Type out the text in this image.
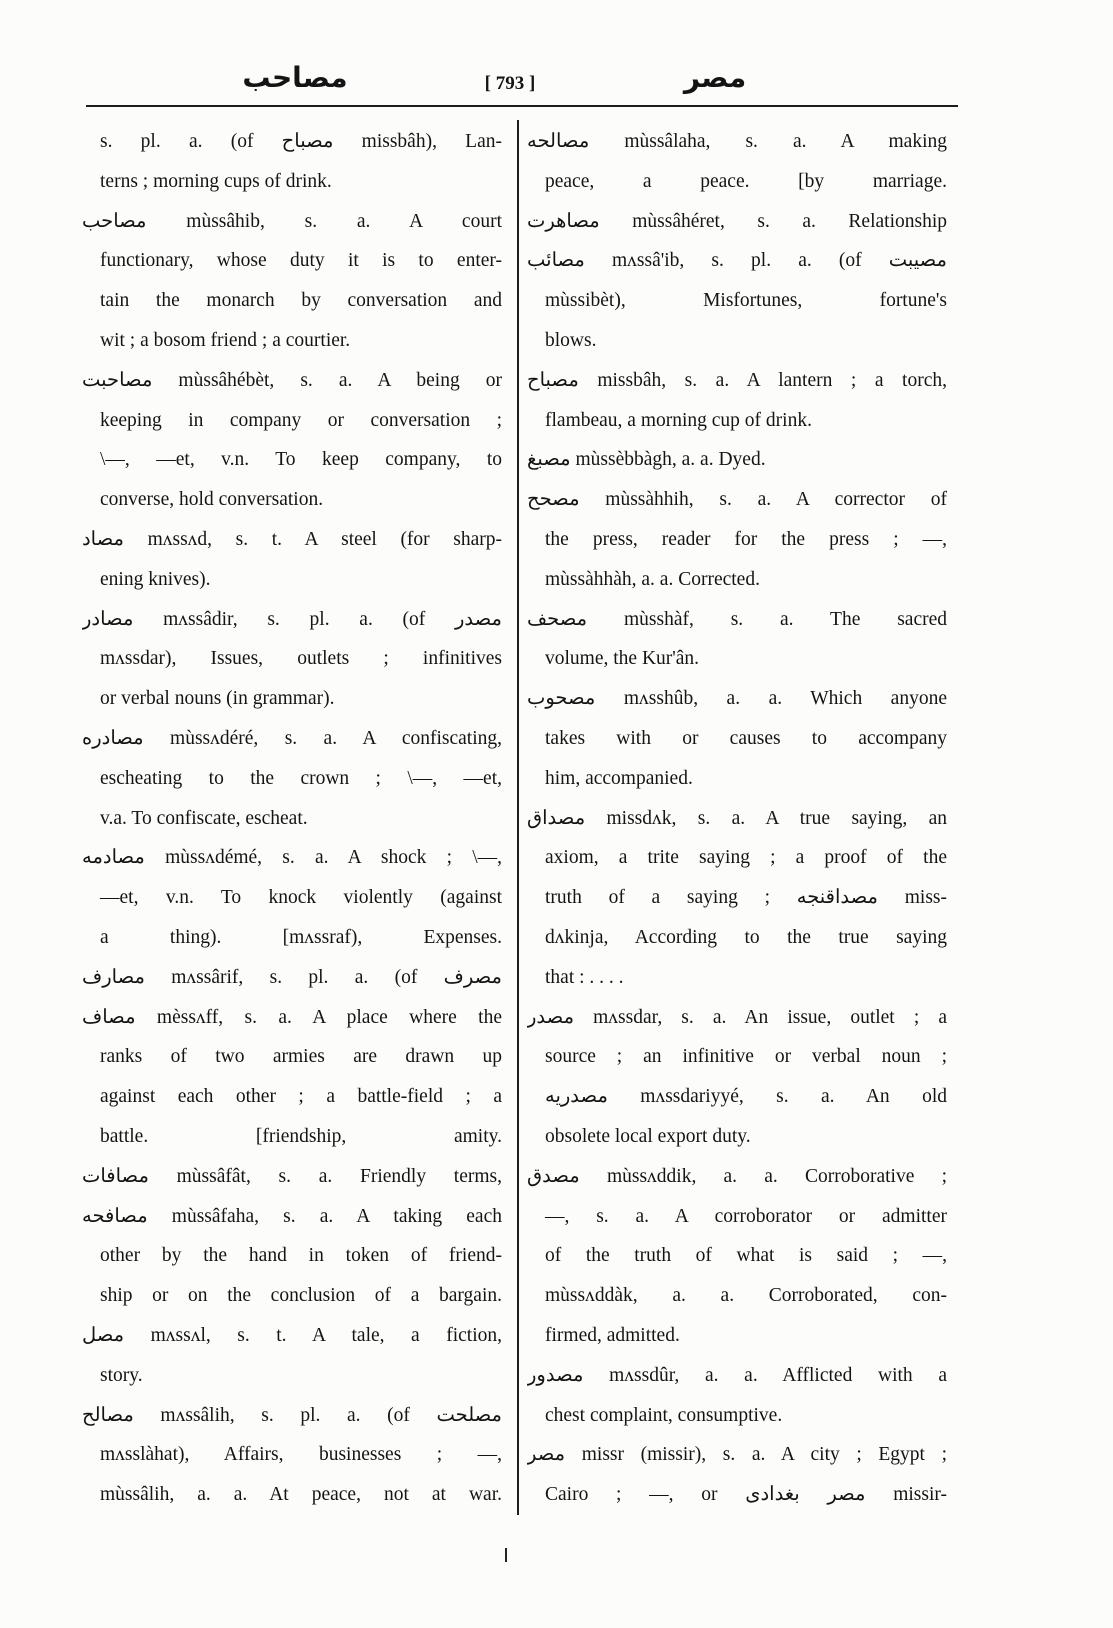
مصاحب	[ 793 ]	مصر
s. pl. a. (of مصباح missbâh), Lan-
terns ; morning cups of drink.
مصاحب mùssâhib, s. a. A court
functionary, whose duty it is to enter-
tain the monarch by conversation and
wit ; a bosom friend ; a courtier.
مصاحبت mùssâhébèt, s. a. A being or
keeping in company or conversation ;
\—, —et, v.n. To keep company, to
converse, hold conversation.
مصاد mʌssʌd, s. t. A steel (for sharp-
ening knives).
مصادر mʌssâdir, s. pl. a. (of مصدر
mʌssdar), Issues, outlets ; infinitives
or verbal nouns (in grammar).
مصادره mùssʌdéré, s. a. A confiscating,
escheating to the crown ; \—, —et,
v.a. To confiscate, escheat.
مصادمه mùssʌdémé, s. a. A shock ; \—,
—et, v.n. To knock violently (against
a thing). [mʌssraf), Expenses.
مصارف mʌssârif, s. pl. a. (of مصرف
مصاف mèssʌff, s. a. A place where the
ranks of two armies are drawn up
against each other ; a battle-field ; a
battle. [friendship, amity.
مصافات mùssâfât, s. a. Friendly terms,
مصافحه mùssâfaha, s. a. A taking each
other by the hand in token of friend-
ship or on the conclusion of a bargain.
مصل mʌssʌl, s. t. A tale, a fiction,
story.
مصالح mʌssâlih, s. pl. a. (of مصلحت
mʌsslàhat), Affairs, businesses ; —,
mùssâlih, a. a. At peace, not at war.
مصالحه mùssâlaha, s. a. A making
peace, a peace. [by marriage.
مصاهرت mùssâhéret, s. a. Relationship
مصائب mʌssâ'ib, s. pl. a. (of مصيبت
mùssibèt), Misfortunes, fortune's
blows.
مصباح missbâh, s. a. A lantern ; a torch,
flambeau, a morning cup of drink.
مصبغ mùssèbbàgh, a. a. Dyed.
مصحح mùssàhhih, s. a. A corrector of
the press, reader for the press ; —,
mùssàhhàh, a. a. Corrected.
مصحف mùsshàf, s. a. The sacred
volume, the Kur'ân.
مصحوب mʌsshûb, a. a. Which anyone
takes with or causes to accompany
him, accompanied.
مصداق missdʌk, s. a. A true saying, an
axiom, a trite saying ; a proof of the
truth of a saying ; مصداقنجه miss-
dʌkinja, According to the true saying
that : . . . .
مصدر mʌssdar, s. a. An issue, outlet ; a
source ; an infinitive or verbal noun ;
مصدريه mʌssdariyyé, s. a. An old
obsolete local export duty.
مصدق mùssʌddik, a. a. Corroborative ;
—, s. a. A corroborator or admitter
of the truth of what is said ; —,
mùssʌddàk, a. a. Corroborated, con-
firmed, admitted.
مصدور mʌssdûr, a. a. Afflicted with a
chest complaint, consumptive.
مصر missr (missir), s. a. A city ; Egypt ;
Cairo ; —, or مصر بغدادى missir-
